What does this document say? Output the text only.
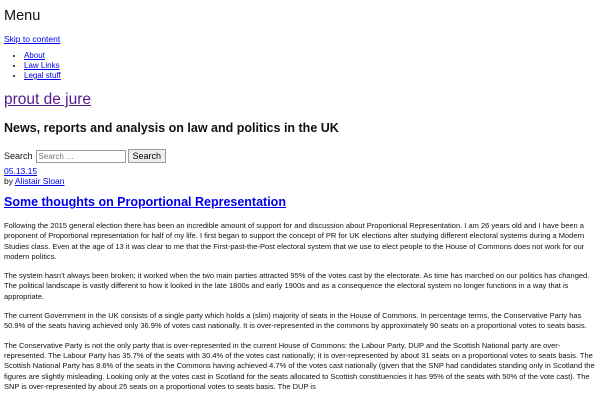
Menu
Skip to content
• About
• Law Links
• Legal stuff
prout de jure
News, reports and analysis on law and politics in the UK
Search
Search …	Search
05.13.15
by Alistair Sloan
Some thoughts on Proportional Representation

Following the 2015 general election there has been an incredible amount of support for and discussion about Proportional Representation. I am 26 years old and I have been a proponent of Proportional representation for half of my life. I first began to support the concept of PR for UK elections after studying different electoral systems during a Modern Studies class. Even at the age of 13 it was clear to me that the First-past-the-Post electoral system that we use to elect people to the House of Commons does not work for our modern politics.

The system hasn’t always been broken; it worked when the two main parties attracted 95% of the votes cast by the electorate. As time has marched on our politics has changed. The political landscape is vastly different to how it looked in the late 1800s and early 1900s and as a consequence the electoral system no longer functions in a way that is appropriate.

The current Government in the UK consists of a single party which holds a (slim) majority of seats in the House of Commons. In percentage terms, the Conservative Party has 50.9% of the seats having achieved only 36.9% of votes cast nationally. It is over-represented in the commons by approximately 90 seats on a proportional votes to seats basis.

The Conservative Party is not the only party that is over-represented in the current House of Commons: the Labour Party, DUP and the Scottish National party are over-represented. The Labour Party has 35.7% of the seats with 30.4% of the votes cast nationally; it is over-represented by about 31 seats on a proportional votes to seats basis. The Scottish National Party has 8.6% of the seats in the Commons having achieved 4.7% of the votes cast nationally (given that the SNP had candidates standing only in Scotland the figures are slightly misleading. Looking only at the votes cast in Scotland for the seats allocated to Scottish constituencies it has 95% of the seats with 50% of the vote cast). The SNP is over-represented by about 25 seats on a proportional votes to seats basis. The DUP is
